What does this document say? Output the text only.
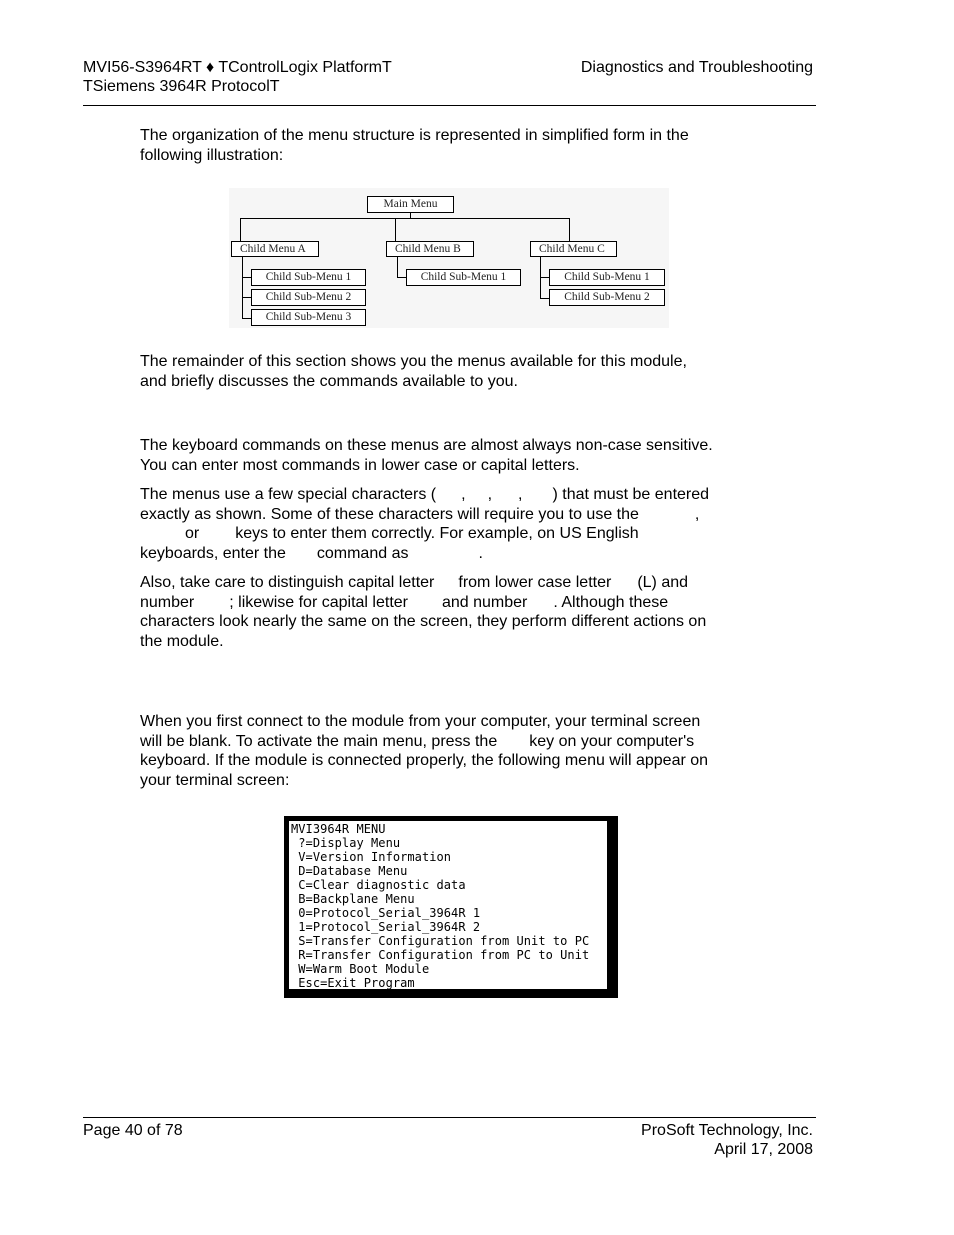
MVI56-S3964RT ♦ TControlLogix PlatformT
TSiemens 3964R ProtocolT
Diagnostics and Troubleshooting

The organization of the menu structure is represented in simplified form in the

following illustration:

Main Menu
Child Menu A	Child Menu B	Child Menu C
Child Sub-Menu 1
Child Sub-Menu 2
Child Sub-Menu 3
Child Sub-Menu 1	Child Sub-Menu 1
Child Sub-Menu 2

The remainder of this section shows you the menus available for this module,

and briefly discusses the commands available to you.

The keyboard commands on these menus are almost always non-case sensitive.

You can enter most commands in lower case or capital letters.

The menus use a few special characters ( , , , ) that must be entered

exactly as shown. Some of these characters will require you to use the	,

or keys to enter them correctly. For example, on US English

keyboards, enter the command as	.

Also, take care to distinguish capital letter from lower case letter (L) and

number ; likewise for capital letter and number . Although these

characters look nearly the same on the screen, they perform different actions on

the module.

When you first connect to the module from your computer, your terminal screen

will be blank. To activate the main menu, press the key on your computer's

keyboard. If the module is connected properly, the following menu will appear on

your terminal screen:

MVI3964R MENU
?=Display Menu
V=Version Information
D=Database Menu
C=Clear diagnostic data
B=Backplane Menu
0=Protocol_Serial_3964R 1
1=Protocol_Serial_3964R 2
S=Transfer Configuration from Unit to PC
R=Transfer Configuration from PC to Unit
W=Warm Boot Module
Esc=Exit Program
Page 40 of 78	ProSoft Technology, Inc.
April 17, 2008
